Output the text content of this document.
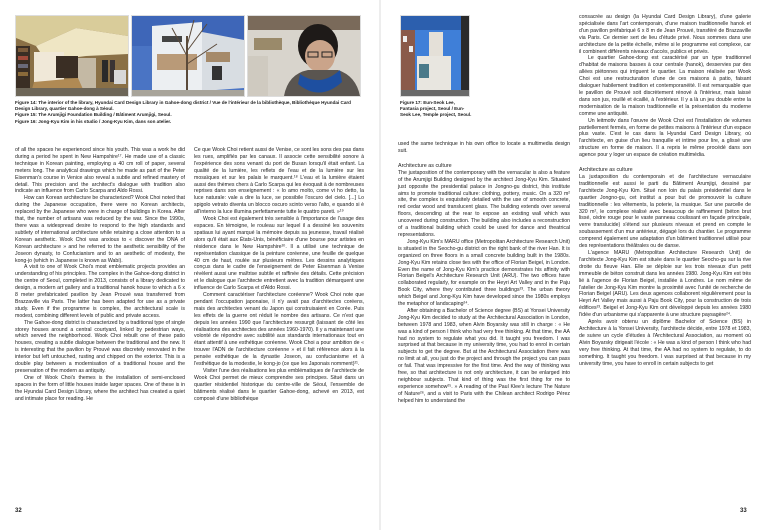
Figure 14: The interior of the library, Hyundai Card Design Library in Gahoe-dong district / Vue de l'intérieur de la bibliothèque, Bibliothèque Hyundai Card Design Library, quartier Gahoe-dong à Séoul.
Figure 15: The Arumjigi Foundation Building / Bâtiment Arumjigi, Seoul.
Figure 16: Jong-Kyu Kim in his studio / Jong-Kyu Kim, dans son atelier.

of all the spaces he experienced since his youth. This was a work he did during a period he spent in New Hampshire¹⁷. He made use of a classic technique in Korean painting, employing a 40 cm roll of paper, several meters long. The analytical drawings which he made as part of the Peter Eisenman's course in Venice also reveal a subtle and refined mastery of detail. This precision and the architect's dialogue with tradition also indicate an influence from Carlo Scarpa and Aldo Rossi.

How can Korean architecture be characterized? Wook Choi noted that during the Japanese occupation, there were no Korean architects, replaced by the Japanese who were in charge of buildings in Korea. After that, the number of artisans was reduced by the war. Since the 1990s, there was a widespread desire to respond to the high standards and subtlety of international architecture while retaining a close attention to a Korean aesthetic. Wook Choi was anxious to « discover the DNA of Korean architecture » and he referred to the aesthetic sensibility of the Joseon dynasty, to Confucianism and to an aesthetic of modesty, the kong-jo (which in Japanese is known as Wabi).

A visit to one of Wook Choi's most emblematic projects provides an understanding of his principles. The complex in the Gahoe-dong district in the centre of Seoul, completed in 2013, consists of a library dedicated to design, a modern art gallery and a traditional hanok house to which a 6 x 8 meter prefabricated pavilion by Jean Prouvé was transferred from Brazzaville via Paris. The latter has been adapted for use as a private study. Even if the programme is complex, the architectural scale is modest, combining different levels of public and private access.

The Gahoe-dong district is characterized by a traditional type of single storey houses around a central courtyard, linked by pedestrian ways, which served the neighborhood. Wook Choi rebuilt one of these patio houses, creating a subtle dialogue between the traditional and the new. It is interesting that the pavilion by Prouvé was discretely renovated in the interior but left untouched, rusting and chipped on the exterior. This is a double play between a modernisation of a traditional house and the preservation of the modern as antiquity.

One of Wook Choi's themes is the installation of semi-enclosed spaces in the form of little houses inside larger spaces. One of these is in the Hyundai Card Design Library, where the architect has created a quiet and intimate place for reading. He

Ce que Wook Choi retient aussi de Venise, ce sont les sons des pas dans les rues, amplifiés par les canaux. Il associe cette sensibilité sonore à l'expérience des sons venant du port de Busan lorsqu'il était enfant. La qualité de la lumière, les reflets de l'eau et de la lumière sur les mosaïques et sur les palais le marquent.¹⁸ L'eau et la lumière étaient aussi des thèmes chers à Carlo Scarpa qui les évoquait à de nombreuses reprises dans son enseignement : « Io amo molto, come vi ho detto, la luce naturale: vale a dire la luce, se possibile l'oscuro del cielo. [...] Lo spigolo vetrato diventa un blocco oscuro scinto verso l'alto, e quando si è all'interno la luce illumina perfettamente tutte le quattro pareti. »¹⁹

Wook Choi est également très sensible à l'importance de l'usage des espaces. En témoigne, le rouleau sur lequel il a dessiné les souvenirs spatiaux lui ayant marqué la mémoire depuis sa jeunesse, travail réalisé alors qu'il était aux États-Unis, bénéficiaire d'une bourse pour artistes en résidence dans le New Hampshire²⁰. Il a utilisé une technique de représentation classique de la peinture coréenne, une feuille de quelque 40 cm de haut, roulée sur plusieurs mètres. Les dessins analytiques conçus dans le cadre de l'enseignement de Peter Eisenman à Venise révèlent aussi une maîtrise subtile et raffinée des détails. Cette précision et le dialogue que l'architecte entretient avec la tradition démarquent une influence de Carlo Scarpa et d'Aldo Rossi.

Comment caractériser l'architecture coréenne? Wook Choi note que pendant l'occupation japonaise, il n'y avait pas d'architectes coréens, mais des architectes venant du Japon qui construisaient en Corée. Puis les effets de la guerre ont réduit le nombre des artisans. Ce n'est que depuis les années 1990 que l'architecture ressurgit (laissant de côté les réalisations des architectes des années 1960-1970). Il y a maintenant une volonté de répondre avec subtilité aux standards internationaux tout en étant attentif à une esthétique coréenne. Wook Choi a pour ambition de « trouver l'ADN de l'architecture coréenne » et il fait référence alors à la pensée esthétique de la dynastie Joseon, au confucianisme et à l'esthétique de la modestie, le kong-jo (ce que les Japonais nomment)²¹.

Visiter l'une des réalisations les plus emblématiques de l'architecte de Wook Choi permet de mieux comprendre ses principes. Situé dans un quartier résidentiel historique du centre-ville de Séoul, l'ensemble de bâtiments réalisé dans le quartier Gahoe-dong, achevé en 2013, est composé d'une bibliothèque

32
Figure 17: Eun-Seok Lee, Fantasia project, Seoul / Eun-Seok Lee, Temple project, Seoul.

used the same technique in his own office to locate a multimedia design suit.

Architecture as culture

The juxtaposition of the contemporary with the vernacular is also a feature of the Arumjigi Building designed by the architect Jong-Kyu Kim. Situated just opposite the presidential palace in Jongno-gu district, this institute aims to promote traditional culture: clothing, pottery, music. On a 320 m² site, the complex is exquisitely detailed with the use of smooth concrete, red cedar wood and translucent glass. The building extends over several floors, descending at the rear to expose an existing wall which was uncovered during construction. The building also includes a reconstruction of a traditional building which could be used for dance and theatrical representations.

Jong-Kyu Kim's MARU office (Metropolitan Architecture Research Unit) is situated in the Seocho-gu district on the right bank of the river Han. It is organized on three floors in a small concrete building built in the 1980s. Jong-Kyu Kim retains close ties with the office of Florian Beigel, in London. Even the name of Jong-Kyu Kim's practice demonstrates his affinity with Florian Beigel's Architecture Research Unit (ARU). The two offices have collaborated regularly, for example on the Heyri Art Valley and in the Paju Book City, where they contributed three buildings²³. The urban theory which Beigel and Jong-Kyu Kim have developed since the 1980s employs the metaphor of landscaping²⁴.

After obtaining a Bachelor of Science degree (BS) at Yonsei University Jong-Kyu Kim decided to study at the Architectural Association in London, between 1978 and 1983, when Alvin Boyarsky was still in charge : « He was a kind of person I think who had very free thinking. At that time, the AA had no system to regulate what you did. It taught you freedom. I was surprised at that because in my university time, you had to enrol in certain subjects to get the degree. But at the Architectural Association there was no limit at all, you just do the project and through the project you can pass or fail. That was impressive for the first time. And the way of thinking was free, so that architecture is not only architecture, it can be enlarged into neighbour subjects. That kind of thing was the first thing for me to experience somehow²⁵. » A reading of the Paul Klee's lecture The Nature of Nature²⁶, and a visit to Paris with the Chilean architect Rodrigo Pérez helped him to understand the

consacrée au design (la Hyundai Card Design Library), d'une galerie spécialisée dans l'art contemporain, d'une maison traditionnelle hanok et d'un pavillon préfabriqué 6 x 8 m de Jean Prouvé, transféré de Brazzaville via Paris. Ce dernier sert de lieu d'étude privé. Nous sommes dans une architecture de la petite échelle, même si le programme est complexe, car il combinent différents niveaux d'accès, publics et privés.

Le quartier Gahoe-dong est caractérisé par un type traditionnel d'habitat de maisons basses à cour centrale (hanok), desservies par des allées piétonnes qui irriguent le quartier. La maison réalisée par Wook Choi est une restructuration d'une de ces maisons à patio, faisant dialoguer habilement tradition et contemporanéité. Il est remarquable que le pavillon de Prouvé soit discrètement rénové à l'intérieur, mais laissé dans son jus, rouillé et écaillé, à l'extérieur. Il y a là un jeu double entre la modernisation de la maison traditionnelle et la présentation du moderne comme une antiquité.

Un leitmotiv dans l'œuvre de Wook Choi est l'installation de volumes partiellement fermés, en forme de petites maisons à l'intérieur d'un espace plus vaste. C'est le cas dans la Hyundai Card Design Library, où l'architecte, en guise d'un lieu tranquille et intime pour lire, a glissé une structure en forme de maison. Il a repris le même procédé dans son agence pour y loger un espace de création multimédia.

Architecture as culture

La juxtaposition du contemporain et de l'architecture vernaculaire traditionnelle est aussi le parti du Bâtiment Arumjigi, dessiné par l'architecte Jong-Kyu Kim. Situé non loin du palais présidentiel dans le quartier Jongno-gu, cet institut a pour but de promouvoir la culture traditionnelle : les vêtements, la poterie, la musique. Sur une parcelle de 320 m², le complexe réalisé avec beaucoup de raffinement (béton brut lissé, cèdre rouge pour le vaste panneau coulissant en façade principale, verre translucide) s'étend sur plusieurs niveaux et prend en compte le soubassement d'un mur antérieur, dégagé lors du chantier. Le programme comprend également une adaptation d'un bâtiment traditionnel utilisé pour des représentations théâtrales ou de danse.

L'agence MARU (Metropolitan Architecture Research Unit) de l'architecte Jong-Kyu Kim est située dans le quartier Seocho-gu sur la rive droite du fleuve Han. Elle se déploie sur les trois niveaux d'un petit immeuble de béton construit dans les années 1980. Jong-Kyu Kim est très lié à l'agence de Florian Beigel, installée à Londres. Le nom même de l'atelier de Jong-Kyu Kim montre la proximité avec l'unité de recherche de Florian Beigel (ARU). Les deux agences collaborent régulièrement pour la Heyri Art Valley mais aussi à Paju Book City, pour la construction de trois édifices²³. Beigel et Jong-Kyu Kim ont développé depuis les années 1980 l'idée d'un urbanisme qui s'apparente à une structure paysagère²⁴.

Après avoir obtenu un diplôme Bachelor of Science (BS) in Architecture à la Yonsei University, l'architecte décide, entre 1978 et 1983, de suivre un cycle d'études à l'Architectural Association, au moment où Alvin Boyarsky dirigeait l'école : « He was a kind of person I think who had very free thinking. At that time, the AA had no system to regulate, to do something. It taught you freedom. I was surprised at that because in my university time, you have to enroll in certain subjects to get

33
